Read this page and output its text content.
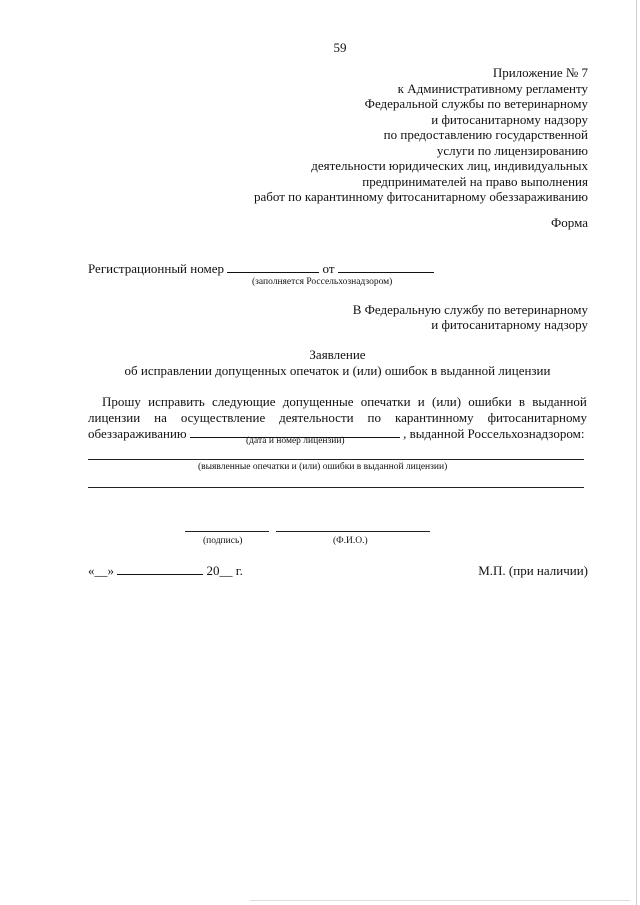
59
Приложение № 7
к Административному регламенту
Федеральной службы по ветеринарному
и фитосанитарному надзору
по предоставлению государственной
услуги по лицензированию
деятельности юридических лиц, индивидуальных
предпринимателей на право выполнения
работ по карантинному фитосанитарному обеззараживанию
Форма
Регистрационный номер	от
(заполняется Россельхознадзором)
В Федеральную службу по ветеринарному
и фитосанитарному надзору
Заявление
об исправлении допущенных опечаток и (или) ошибок в выданной лицензии
Прошу исправить следующие допущенные опечатки и (или) ошибки в выданной
лицензии на осуществление деятельности по карантинному фитосанитарному
обеззараживанию	, выданной Россельхознадзором:
(дата и номер лицензии)
(выявленные опечатки и (или) ошибки в выданной лицензии)
(подпись)	(Ф.И.О.)
«__»	20__ г.	М.П. (при наличии)
